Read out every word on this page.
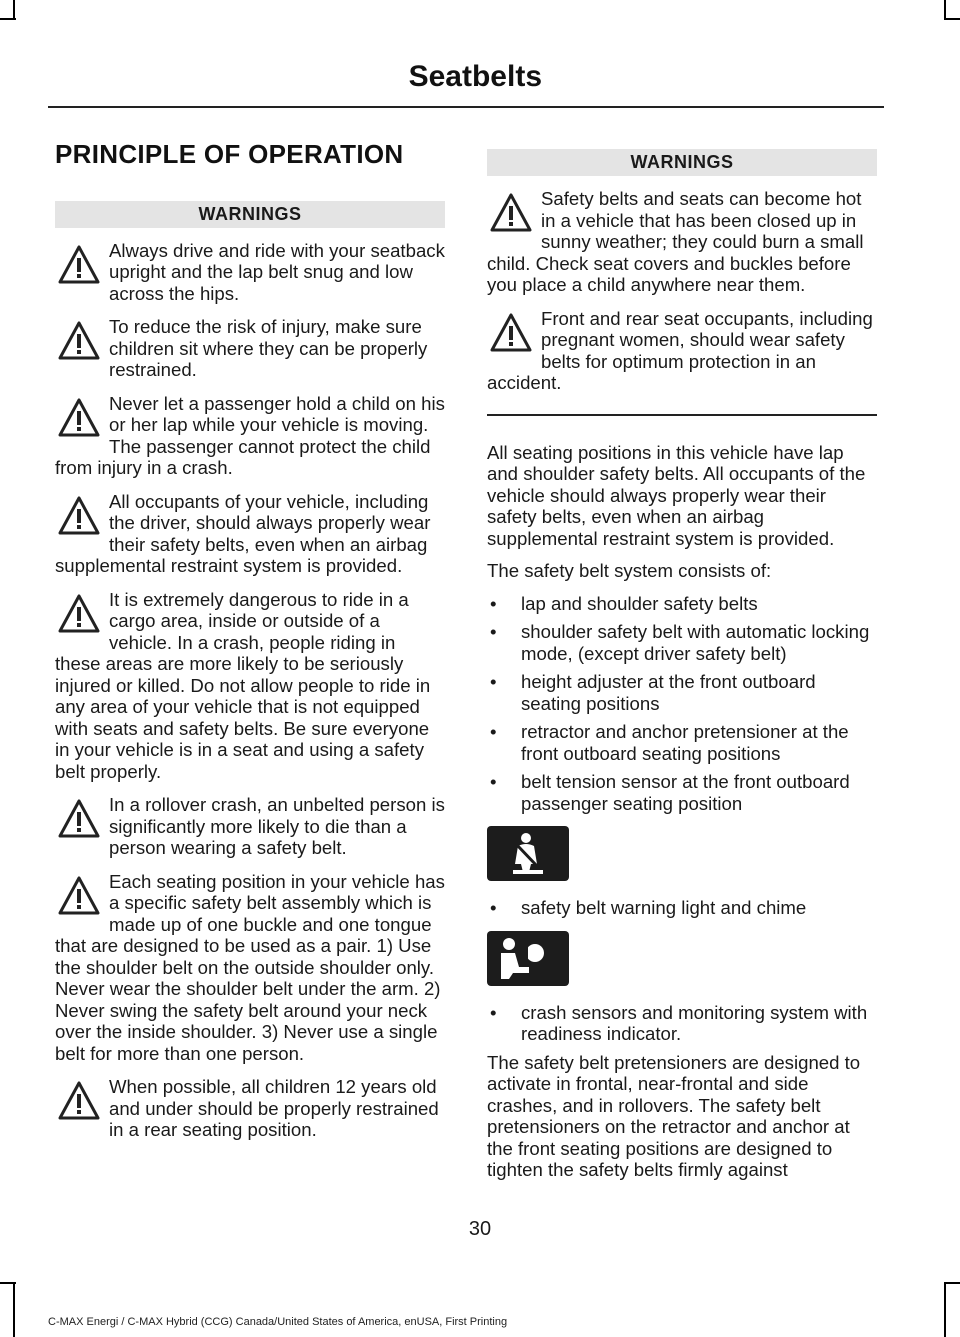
Seatbelts
PRINCIPLE OF OPERATION
WARNINGS
Always drive and ride with your seatback upright and the lap belt snug and low across the hips.
To reduce the risk of injury, make sure children sit where they can be properly restrained.
Never let a passenger hold a child on his or her lap while your vehicle is moving. The passenger cannot protect the child from injury in a crash.
All occupants of your vehicle, including the driver, should always properly wear their safety belts, even when an airbag supplemental restraint system is provided.
It is extremely dangerous to ride in a cargo area, inside or outside of a vehicle. In a crash, people riding in these areas are more likely to be seriously injured or killed. Do not allow people to ride in any area of your vehicle that is not equipped with seats and safety belts. Be sure everyone in your vehicle is in a seat and using a safety belt properly.
In a rollover crash, an unbelted person is significantly more likely to die than a person wearing a safety belt.
Each seating position in your vehicle has a specific safety belt assembly which is made up of one buckle and one tongue that are designed to be used as a pair. 1) Use the shoulder belt on the outside shoulder only. Never wear the shoulder belt under the arm. 2) Never swing the safety belt around your neck over the inside shoulder. 3) Never use a single belt for more than one person.
When possible, all children 12 years old and under should be properly restrained in a rear seating position.
WARNINGS
Safety belts and seats can become hot in a vehicle that has been closed up in sunny weather; they could burn a small child. Check seat covers and buckles before you place a child anywhere near them.
Front and rear seat occupants, including pregnant women, should wear safety belts for optimum protection in an accident.

All seating positions in this vehicle have lap and shoulder safety belts. All occupants of the vehicle should always properly wear their safety belts, even when an airbag supplemental restraint system is provided.

The safety belt system consists of:

• lap and shoulder safety belts
• shoulder safety belt with automatic locking mode, (except driver safety belt)
• height adjuster at the front outboard seating positions
• retractor and anchor pretensioner at the front outboard seating positions
• belt tension sensor at the front outboard passenger seating position
• safety belt warning light and chime
• crash sensors and monitoring system with readiness indicator.

The safety belt pretensioners are designed to activate in frontal, near-frontal and side crashes, and in rollovers. The safety belt pretensioners on the retractor and anchor at the front seating positions are designed to tighten the safety belts firmly against

30
C-MAX Energi / C-MAX Hybrid (CCG) Canada/United States of America, enUSA, First Printing
